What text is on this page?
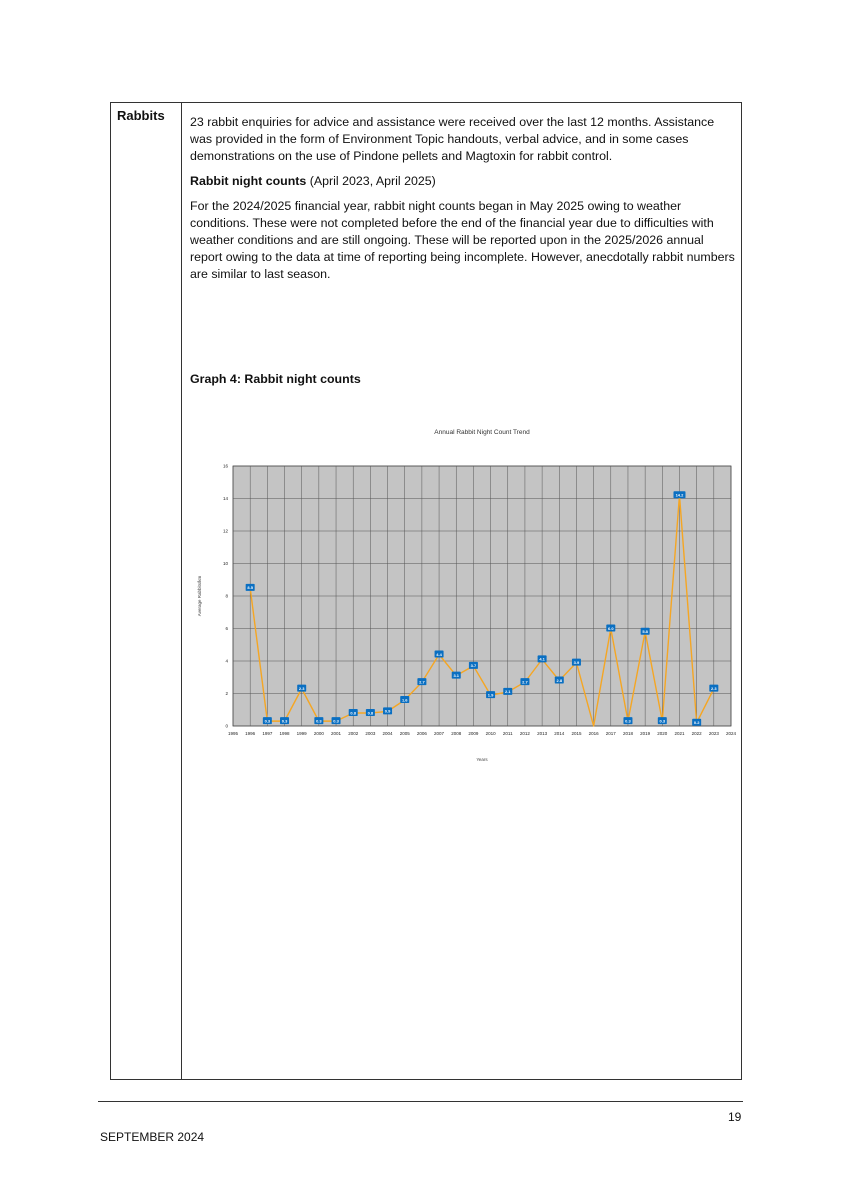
Rabbits 23 rabbit enquiries for advice and assistance were received over the last 12 months. Assistance was provided in the form of Environment Topic handouts, verbal advice, and in some cases demonstrations on the use of Pindone pellets and Magtoxin for rabbit control.

Rabbit night counts (April 2023, April 2025)

For the 2024/2025 financial year, rabbit night counts began in May 2025 owing to weather conditions. These were not completed before the end of the financial year due to difficulties with weather conditions and are still ongoing. These will be reported upon in the 2025/2026 annual report owing to the data at time of reporting being incomplete. However, anecdotally rabbit numbers are similar to last season.

Graph 4: Rabbit night counts
1995 1996 1997 1998 1999 2000 2001 2002 2003 2004 2005 2006 2007 2008 2009 2010 2011 2012 2013 2014 2015 2016 2017 2018 2019 2020 2021 2022 2023 2024
0
2
4
6
8
10
12
14
16
Annual Rabbit Night Count Trend
Years
Average Rabbits/km	8.5
0.3	0.3
2.3
0.3	0.3
0.8	0.8	0.9
1.6
2.7
4.4
3.1
3.7
1.9
2.1
2.7
4.1
2.8
3.9
6.0
0.3
5.8
0.3
14.2
0.2
2.3
19
SEPTEMBER 2024
